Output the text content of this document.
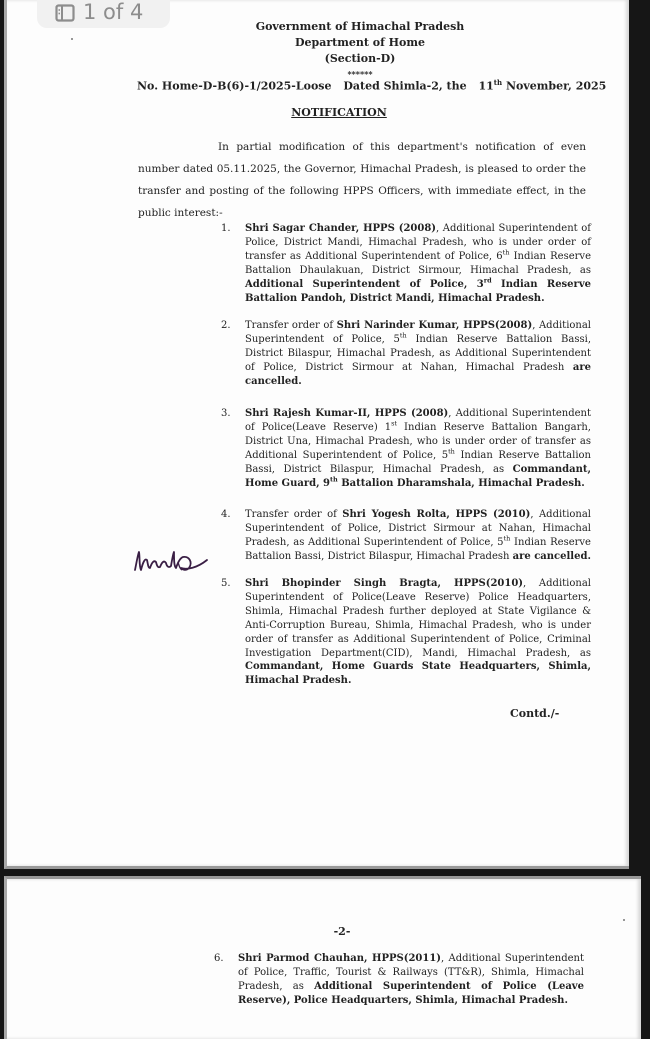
1 of 4
Government of Himachal Pradesh
Department of Home
(Section-D)
******
No. Home-D-B(6)-1/2025-Loose Dated Shimla-2, the 11th November, 2025
NOTIFICATION
In partial modification of this department's notification of even number dated 05.11.2025, the Governor, Himachal Pradesh, is pleased to order the transfer and posting of the following HPPS Officers, with immediate effect, in the public interest:-
1. Shri Sagar Chander, HPPS (2008), Additional Superintendent of Police, District Mandi, Himachal Pradesh, who is under order of transfer as Additional Superintendent of Police, 6th Indian Reserve Battalion Dhaulakuan, District Sirmour, Himachal Pradesh, as Additional Superintendent of Police, 3rd Indian Reserve Battalion Pandoh, District Mandi, Himachal Pradesh.
2. Transfer order of Shri Narinder Kumar, HPPS(2008), Additional Superintendent of Police, 5th Indian Reserve Battalion Bassi, District Bilaspur, Himachal Pradesh, as Additional Superintendent of Police, District Sirmour at Nahan, Himachal Pradesh are cancelled.
3. Shri Rajesh Kumar-II, HPPS (2008), Additional Superintendent of Police(Leave Reserve) 1st Indian Reserve Battalion Bangarh, District Una, Himachal Pradesh, who is under order of transfer as Additional Superintendent of Police, 5th Indian Reserve Battalion Bassi, District Bilaspur, Himachal Pradesh, as Commandant, Home Guard, 9th Battalion Dharamshala, Himachal Pradesh.
4. Transfer order of Shri Yogesh Rolta, HPPS (2010), Additional Superintendent of Police, District Sirmour at Nahan, Himachal Pradesh, as Additional Superintendent of Police, 5th Indian Reserve Battalion Bassi, District Bilaspur, Himachal Pradesh are cancelled.
5. Shri Bhopinder Singh Bragta, HPPS(2010), Additional Superintendent of Police(Leave Reserve) Police Headquarters, Shimla, Himachal Pradesh further deployed at State Vigilance & Anti-Corruption Bureau, Shimla, Himachal Pradesh, who is under order of transfer as Additional Superintendent of Police, Criminal Investigation Department(CID), Mandi, Himachal Pradesh, as Commandant, Home Guards State Headquarters, Shimla, Himachal Pradesh.
Contd./-
-2-
6. Shri Parmod Chauhan, HPPS(2011), Additional Superintendent of Police, Traffic, Tourist & Railways (TT&R), Shimla, Himachal Pradesh, as Additional Superintendent of Police (Leave Reserve), Police Headquarters, Shimla, Himachal Pradesh.
